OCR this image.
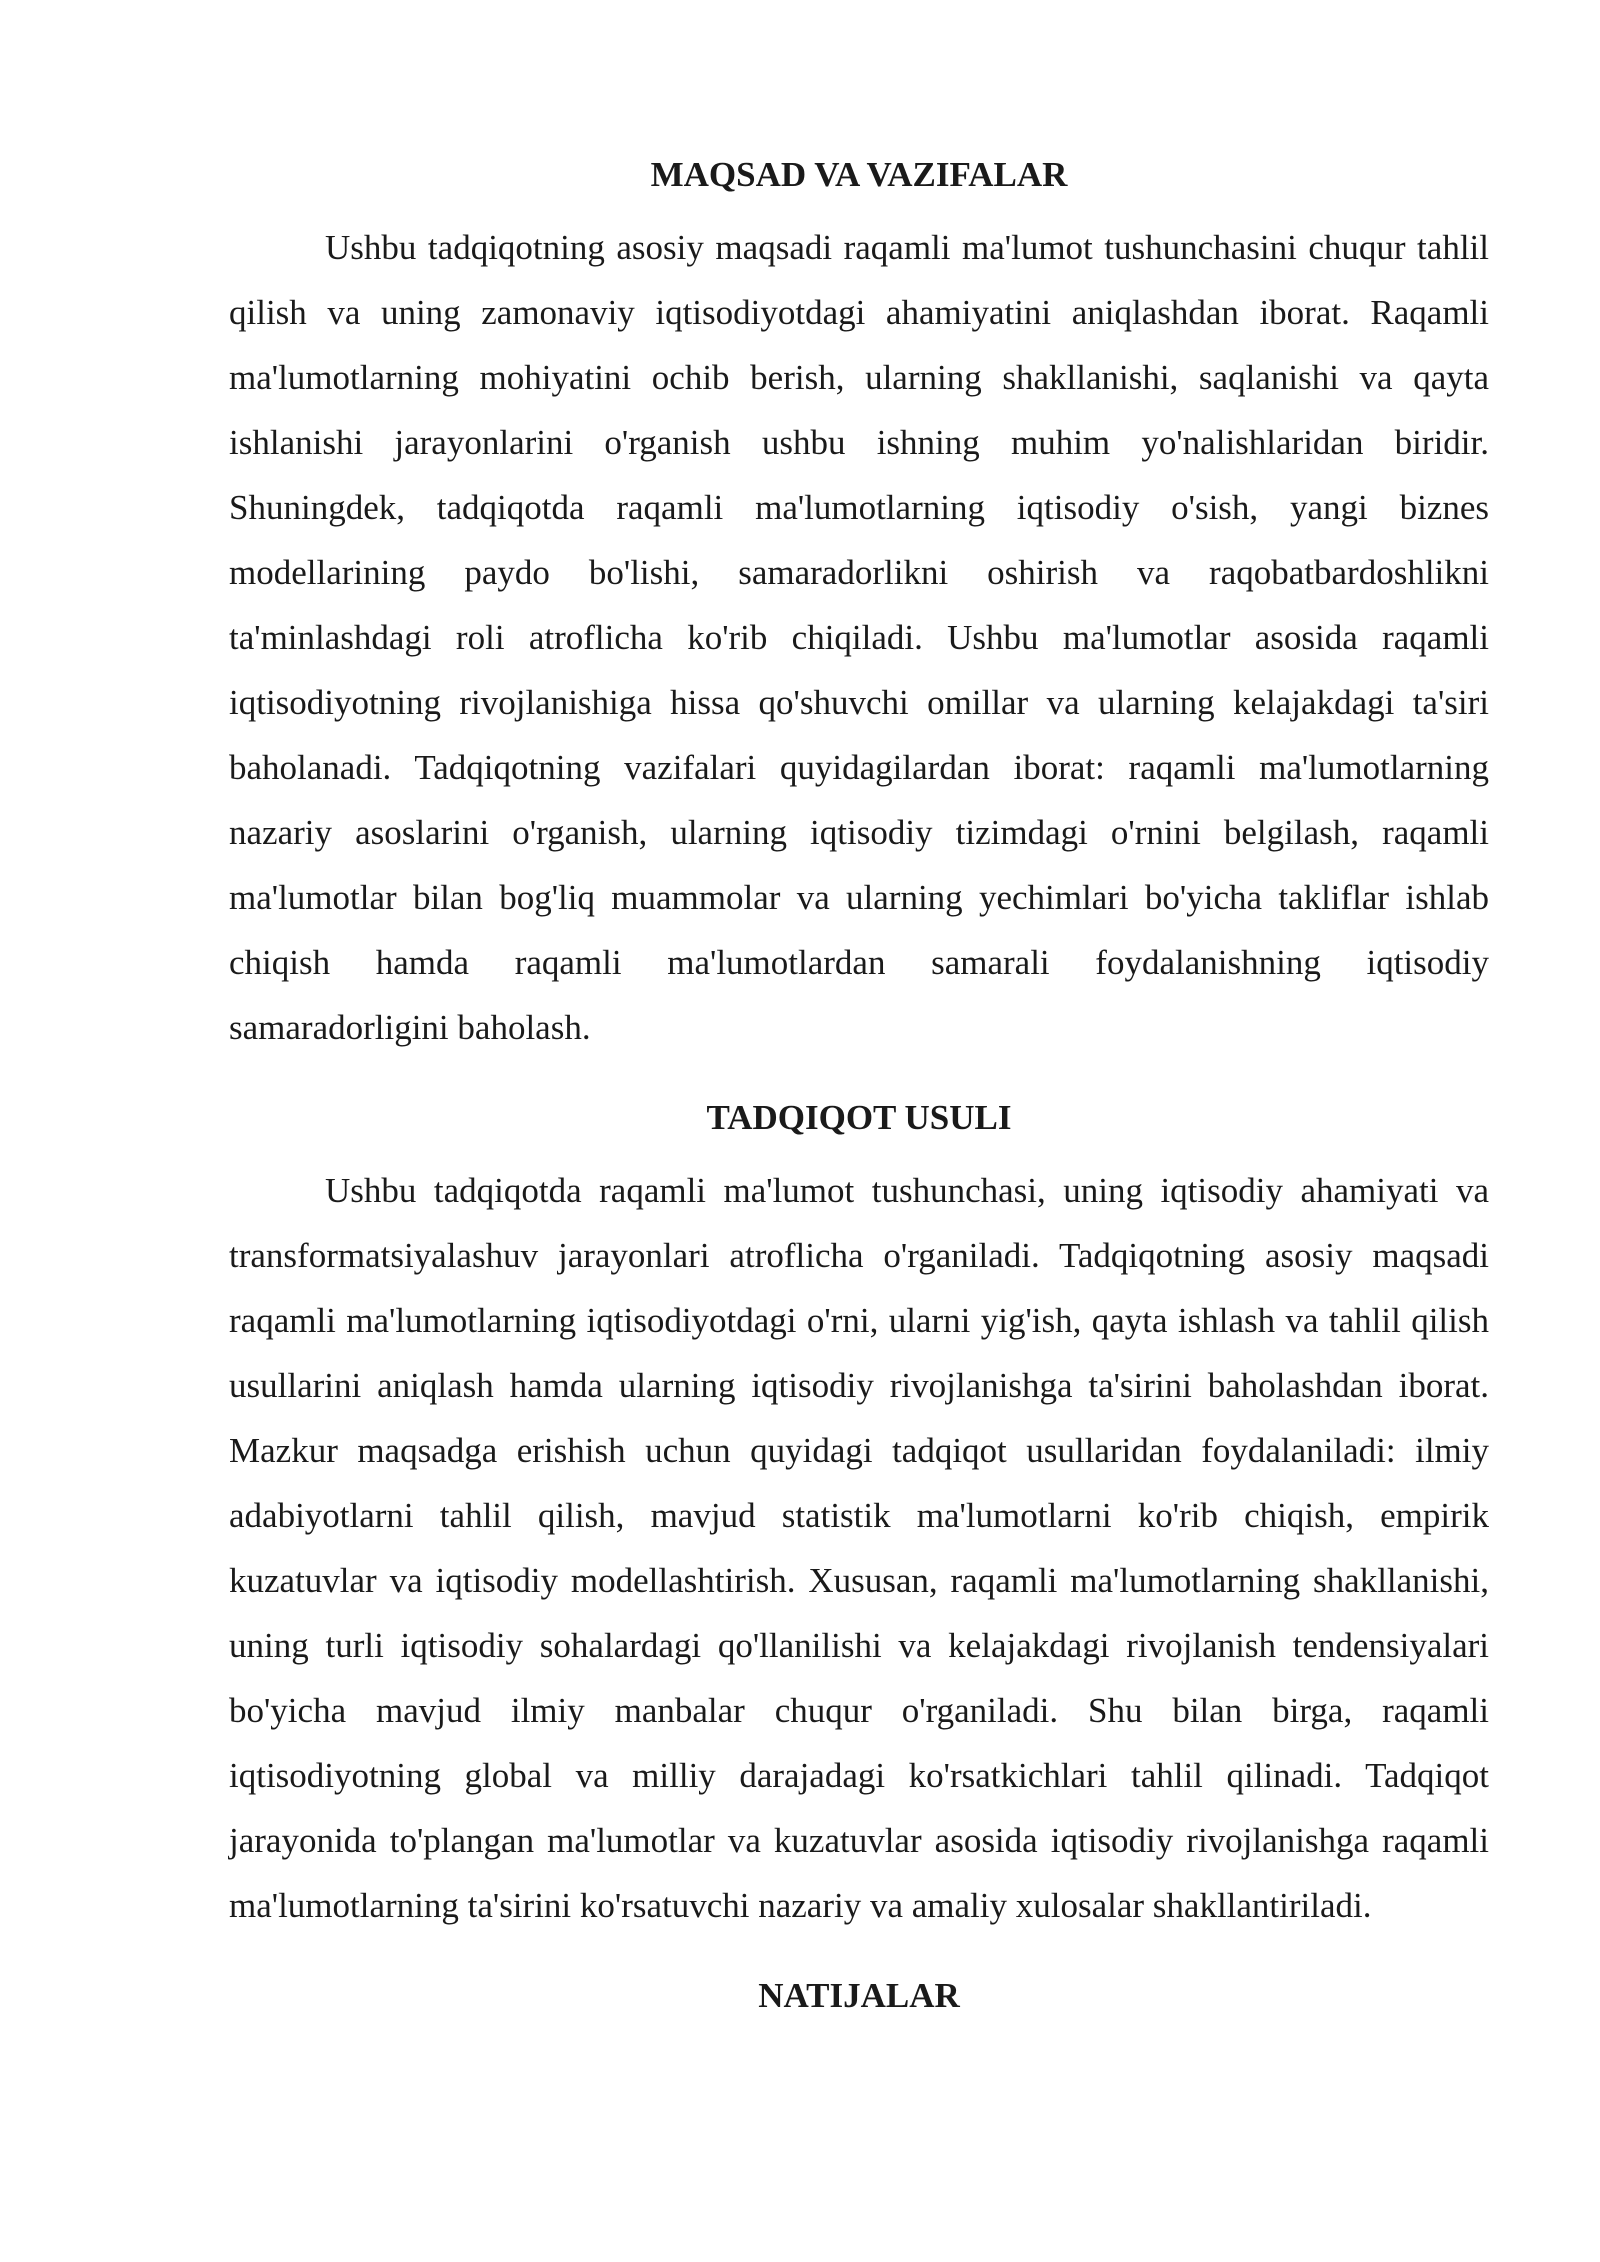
MAQSAD VA VAZIFALAR

Ushbu tadqiqotning asosiy maqsadi raqamli ma'lumot tushunchasini chuqur tahlil qilish va uning zamonaviy iqtisodiyotdagi ahamiyatini aniqlashdan iborat. Raqamli ma'lumotlarning mohiyatini ochib berish, ularning shakllanishi, saqlanishi va qayta ishlanishi jarayonlarini o'rganish ushbu ishning muhim yo'nalishlaridan biridir. Shuningdek, tadqiqotda raqamli ma'lumotlarning iqtisodiy o'sish, yangi biznes modellarining paydo bo'lishi, samaradorlikni oshirish va raqobatbardoshlikni ta'minlashdagi roli atroflicha ko'rib chiqiladi. Ushbu ma'lumotlar asosida raqamli iqtisodiyotning rivojlanishiga hissa qo'shuvchi omillar va ularning kelajakdagi ta'siri baholanadi. Tadqiqotning vazifalari quyidagilardan iborat: raqamli ma'lumotlarning nazariy asoslarini o'rganish, ularning iqtisodiy tizimdagi o'rnini belgilash, raqamli ma'lumotlar bilan bog'liq muammolar va ularning yechimlari bo'yicha takliflar ishlab chiqish hamda raqamli ma'lumotlardan samarali foydalanishning iqtisodiy samaradorligini baholash.

TADQIQOT USULI

Ushbu tadqiqotda raqamli ma'lumot tushunchasi, uning iqtisodiy ahamiyati va transformatsiyalashuv jarayonlari atroflicha o'rganiladi. Tadqiqotning asosiy maqsadi raqamli ma'lumotlarning iqtisodiyotdagi o'rni, ularni yig'ish, qayta ishlash va tahlil qilish usullarini aniqlash hamda ularning iqtisodiy rivojlanishga ta'sirini baholashdan iborat. Mazkur maqsadga erishish uchun quyidagi tadqiqot usullaridan foydalaniladi: ilmiy adabiyotlarni tahlil qilish, mavjud statistik ma'lumotlarni ko'rib chiqish, empirik kuzatuvlar va iqtisodiy modellashtirish. Xususan, raqamli ma'lumotlarning shakllanishi, uning turli iqtisodiy sohalardagi qo'llanilishi va kelajakdagi rivojlanish tendensiyalari bo'yicha mavjud ilmiy manbalar chuqur o'rganiladi. Shu bilan birga, raqamli iqtisodiyotning global va milliy darajadagi ko'rsatkichlari tahlil qilinadi. Tadqiqot jarayonida to'plangan ma'lumotlar va kuzatuvlar asosida iqtisodiy rivojlanishga raqamli ma'lumotlarning ta'sirini ko'rsatuvchi nazariy va amaliy xulosalar shakllantiriladi.

NATIJALAR
